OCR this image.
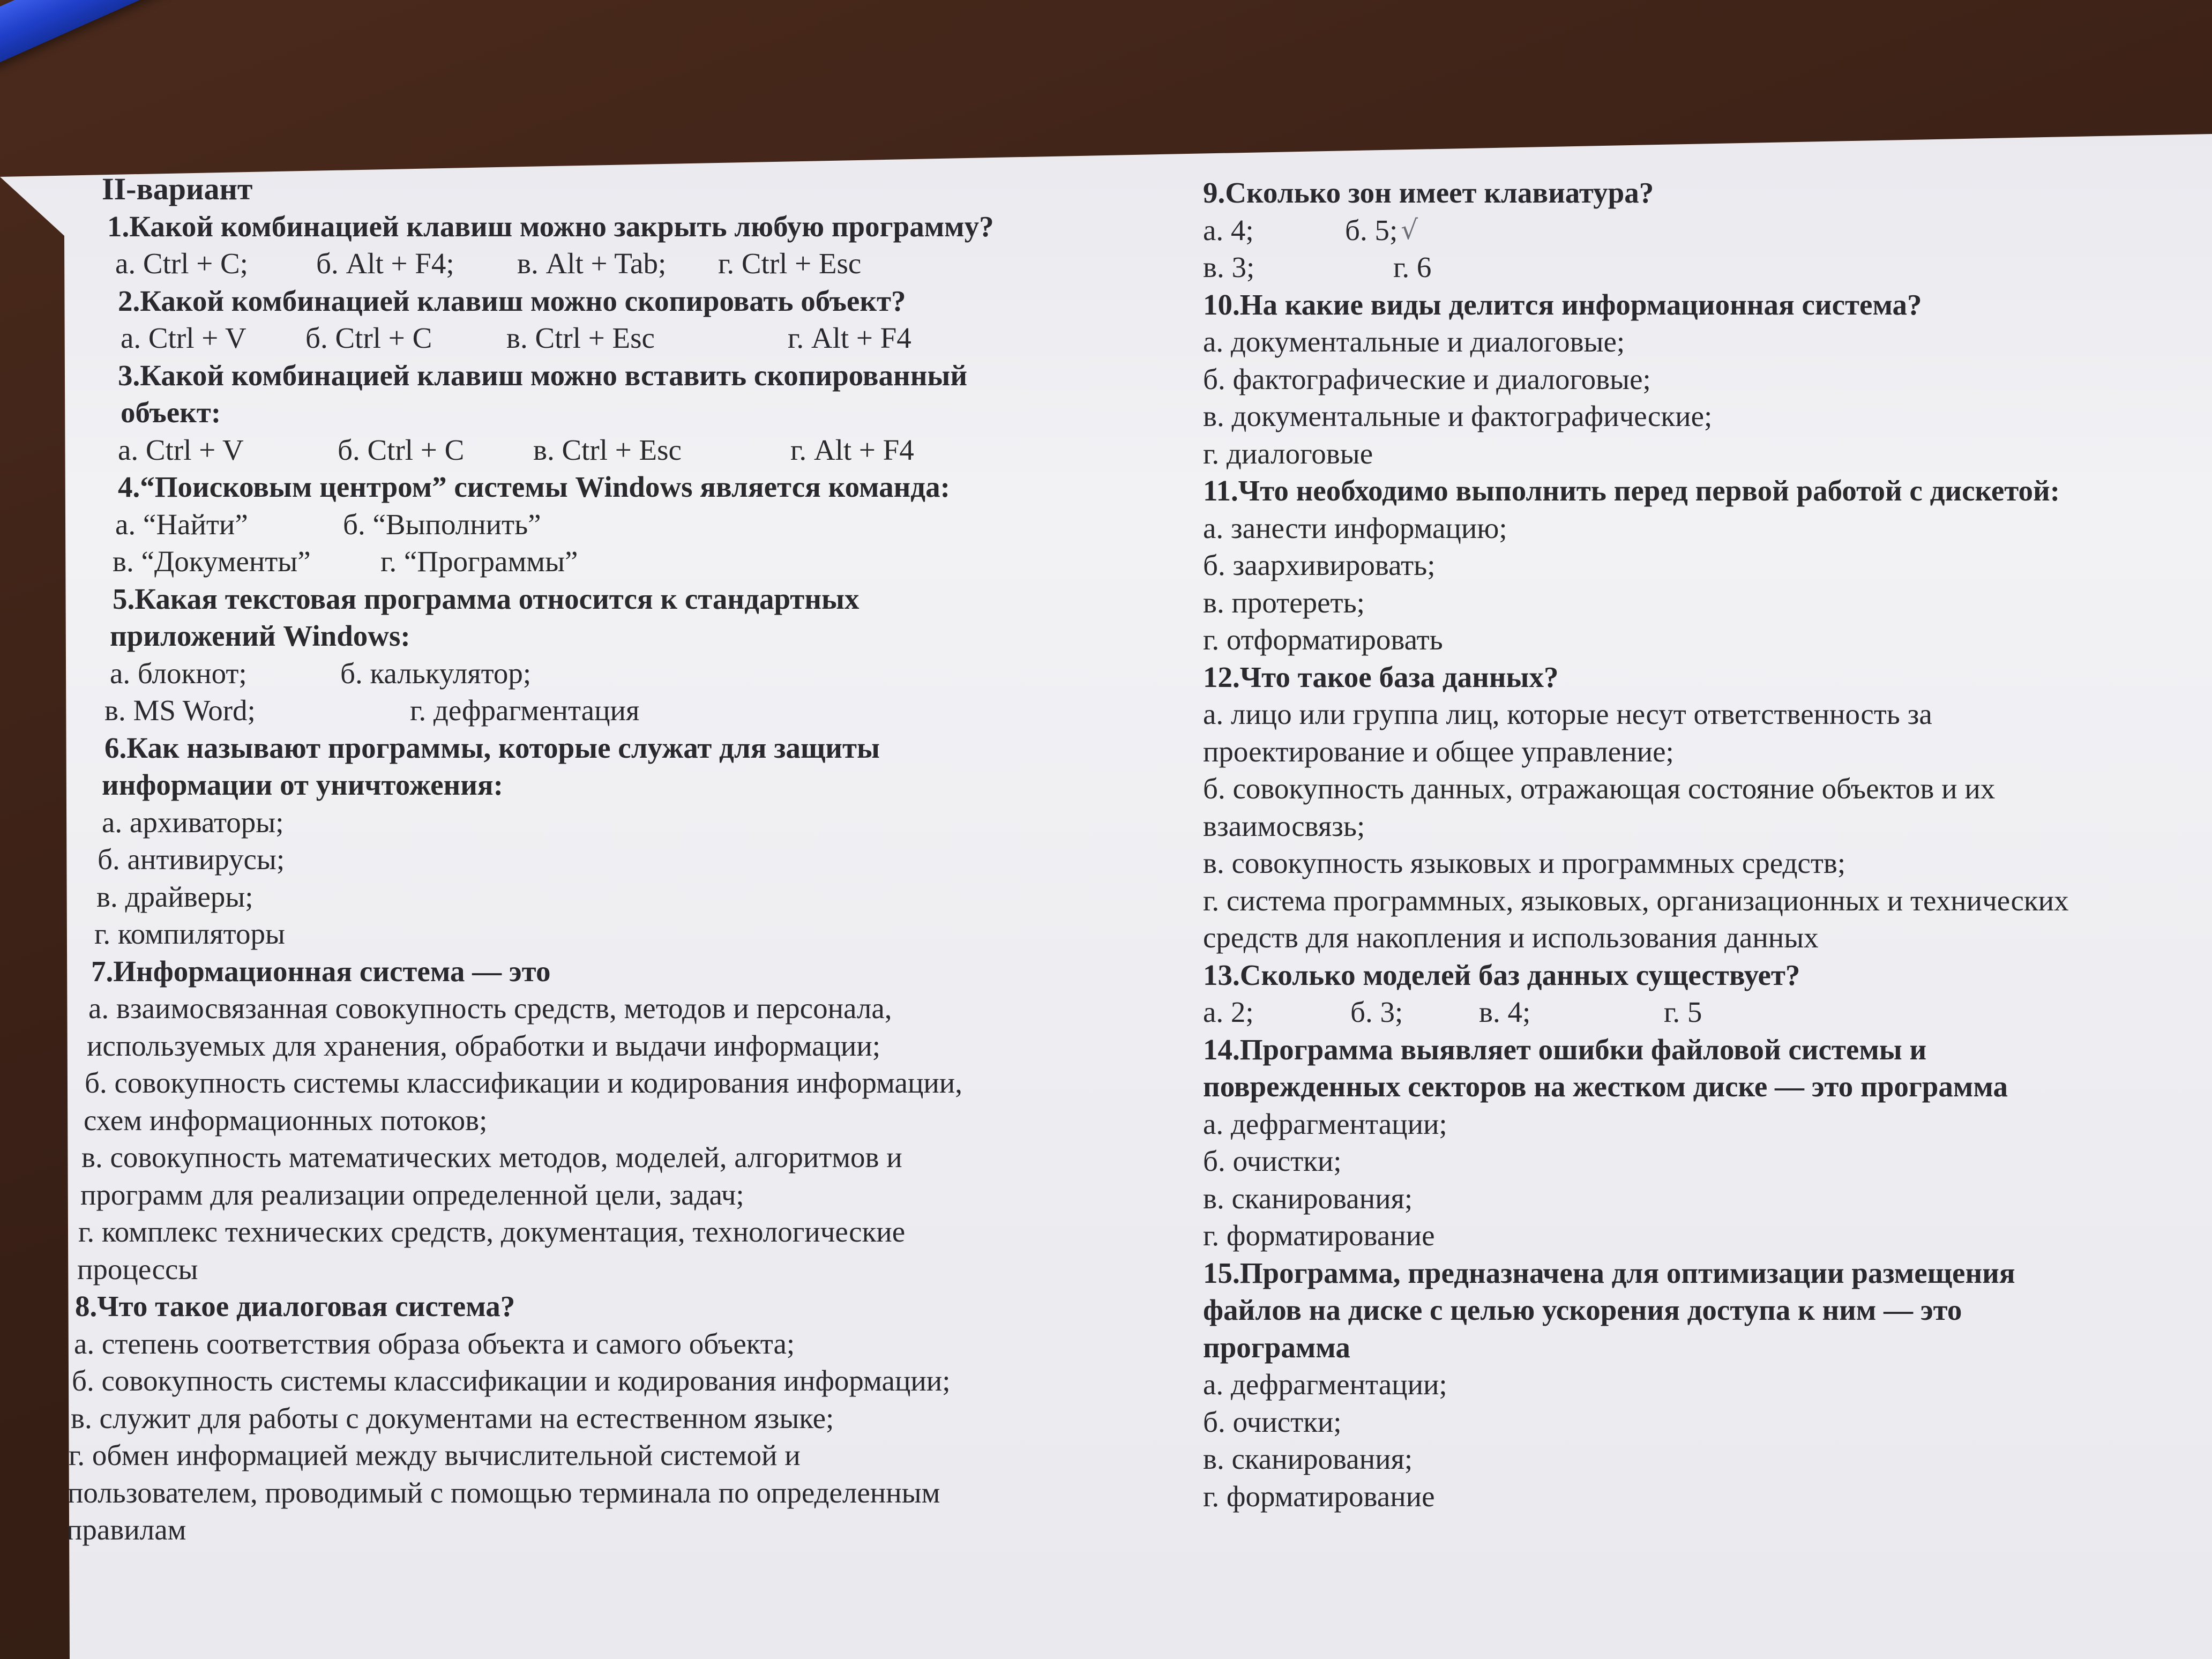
II-вариант
1.Какой комбинацией клавиш можно закрыть любую программу?
а. Ctrl + C;	б. Alt + F4;	в. Alt + Tab;	г. Ctrl + Esc
2.Какой комбинацией клавиш можно скопировать объект?
а. Ctrl + V	б. Ctrl + C	в. Ctrl + Esc	г. Alt + F4
3.Какой комбинацией клавиш можно вставить скопированный
объект:
а. Ctrl + V	б. Ctrl + C	в. Ctrl + Esc	г. Alt + F4
4.“Поисковым центром” системы Windows является команда:
а. “Найти”	б. “Выполнить”
в. “Документы”	г. “Программы”
5.Какая текстовая программа относится к стандартных
приложений Windows:
а. блокнот;	б. калькулятор;
в. MS Word;	г. дефрагментация
6.Как называют программы, которые служат для защиты
информации от уничтожения:
а. архиваторы;
б. антивирусы;
в. драйверы;
г. компиляторы
7.Информационная система — это
а. взаимосвязанная совокупность средств, методов и персонала,
используемых для хранения, обработки и выдачи информации;
б. совокупность системы классификации и кодирования информации,
схем информационных потоков;
в. совокупность математических методов, моделей, алгоритмов и
программ для реализации определенной цели, задач;
г. комплекс технических средств, документация, технологические
процессы
8.Что такое диалоговая система?
а. степень соответствия образа объекта и самого объекта;
б. совокупность системы классификации и кодирования информации;
в. служит для работы с документами на естественном языке;
г. обмен информацией между вычислительной системой и
пользователем, проводимый с помощью терминала по определенным
правилам
9.Сколько зон имеет клавиатура?
а. 4;	б. 5; √
в. 3;	г. 6
10.На какие виды делится информационная система?
а. документальные и диалоговые;
б. фактографические и диалоговые;
в. документальные и фактографические;
г. диалоговые
11.Что необходимо выполнить перед первой работой с дискетой:
а. занести информацию;
б. заархивировать;
в. протереть;
г. отформатировать
12.Что такое база данных?
а. лицо или группа лиц, которые несут ответственность за
проектирование и общее управление;
б. совокупность данных, отражающая состояние объектов и их
взаимосвязь;
в. совокупность языковых и программных средств;
г. система программных, языковых, организационных и технических
средств для накопления и использования данных
13.Сколько моделей баз данных существует?
а. 2;	б. 3;	в. 4;	г. 5
14.Программа выявляет ошибки файловой системы и
поврежденных секторов на жестком диске — это программа
а. дефрагментации;
б. очистки;
в. сканирования;
г. форматирование
15.Программа, предназначена для оптимизации размещения
файлов на диске с целью ускорения доступа к ним — это
программа
а. дефрагментации;
б. очистки;
в. сканирования;
г. форматирование
